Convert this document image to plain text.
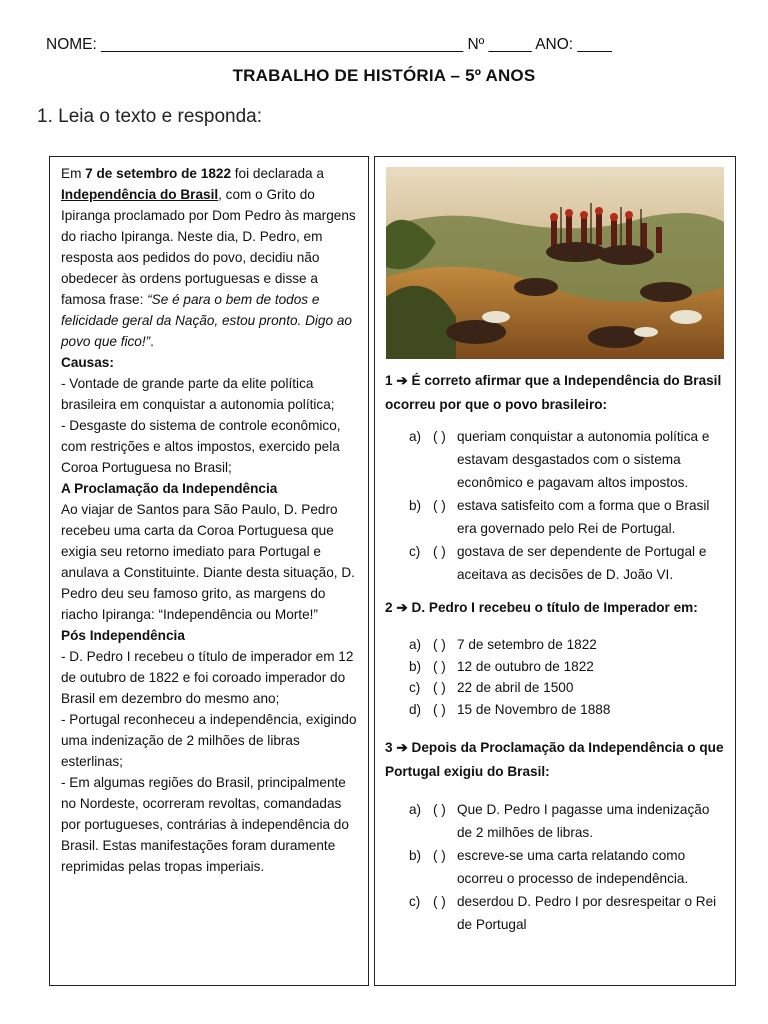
NOME: __________________________________________ Nº _____ ANO: ____
TRABALHO DE HISTÓRIA – 5º ANOS
1. Leia o texto e responda:

Em 7 de setembro de 1822 foi declarada a Independência do Brasil, com o Grito do Ipiranga proclamado por Dom Pedro às margens do riacho Ipiranga. Neste dia, D. Pedro, em resposta aos pedidos do povo, decidiu não obedecer às ordens portuguesas e disse a famosa frase: “Se é para o bem de todos e felicidade geral da Nação, estou pronto. Digo ao povo que fico!”.

Causas:

- Vontade de grande parte da elite política brasileira em conquistar a autonomia política;

- Desgaste do sistema de controle econômico, com restrições e altos impostos, exercido pela Coroa Portuguesa no Brasil;

A Proclamação da Independência

Ao viajar de Santos para São Paulo, D. Pedro recebeu uma carta da Coroa Portuguesa que exigia seu retorno imediato para Portugal e anulava a Constituinte. Diante desta situação, D. Pedro deu seu famoso grito, as margens do riacho Ipiranga: “Independência ou Morte!”

Pós Independência

- D. Pedro I recebeu o título de imperador em 12 de outubro de 1822 e foi coroado imperador do Brasil em dezembro do mesmo ano;

- Portugal reconheceu a independência, exigindo uma indenização de 2 milhões de libras esterlinas;

- Em algumas regiões do Brasil, principalmente no Nordeste, ocorreram revoltas, comandadas por portugueses, contrárias à independência do Brasil. Estas manifestações foram duramente reprimidas pelas tropas imperiais.

1 ➔ É correto afirmar que a Independência do Brasil ocorreu por que o povo brasileiro:

a) ( ) queriam conquistar a autonomia política e estavam desgastados com o sistema econômico e pagavam altos impostos.
b) ( ) estava satisfeito com a forma que o Brasil era governado pelo Rei de Portugal.
c) ( ) gostava de ser dependente de Portugal e aceitava as decisões de D. João VI.

2 ➔ D. Pedro I recebeu o título de Imperador em:

a) ( ) 7 de setembro de 1822
b) ( ) 12 de outubro de 1822
c) ( ) 22 de abril de 1500
d) ( ) 15 de Novembro de 1888

3 ➔ Depois da Proclamação da Independência o que Portugal exigiu do Brasil:

a) ( ) Que D. Pedro I pagasse uma indenização de 2 milhões de libras.
b) ( ) escreve-se uma carta relatando como ocorreu o processo de independência.
c) ( ) deserdou D. Pedro I por desrespeitar o Rei de Portugal
